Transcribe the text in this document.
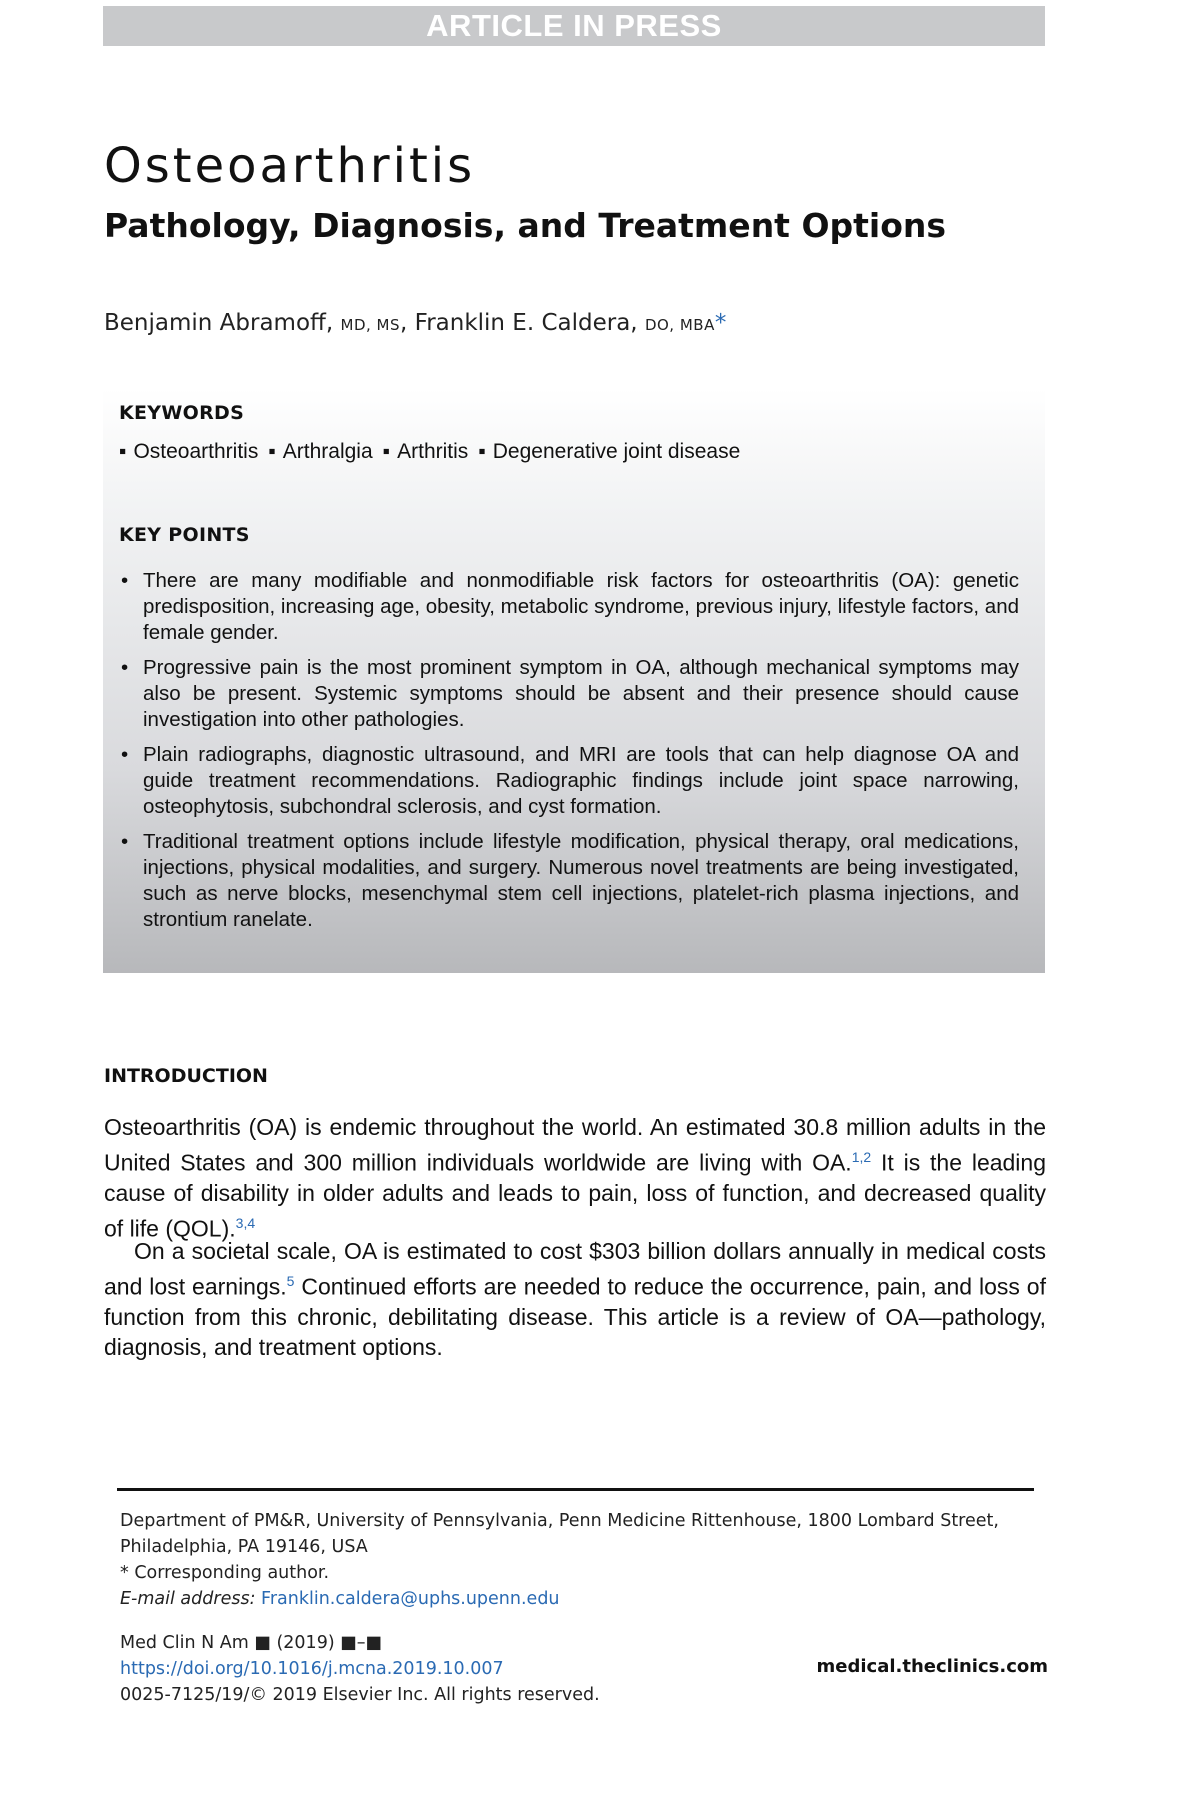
ARTICLE IN PRESS
Osteoarthritis
Pathology, Diagnosis, and Treatment Options
Benjamin Abramoff, MD, MS, Franklin E. Caldera, DO, MBA*
KEYWORDS
▪ Osteoarthritis	▪ Arthralgia	▪ Arthritis	▪ Degenerative joint disease
KEY POINTS
• There are many modifiable and nonmodifiable risk factors for osteoarthritis (OA): genetic predisposition, increasing age, obesity, metabolic syndrome, previous injury, lifestyle factors, and female gender.
• Progressive pain is the most prominent symptom in OA, although mechanical symptoms may also be present. Systemic symptoms should be absent and their presence should cause investigation into other pathologies.
• Plain radiographs, diagnostic ultrasound, and MRI are tools that can help diagnose OA and guide treatment recommendations. Radiographic findings include joint space narrowing, osteophytosis, subchondral sclerosis, and cyst formation.
• Traditional treatment options include lifestyle modification, physical therapy, oral medications, injections, physical modalities, and surgery. Numerous novel treatments are being investigated, such as nerve blocks, mesenchymal stem cell injections, platelet-rich plasma injections, and strontium ranelate.
INTRODUCTION

Osteoarthritis (OA) is endemic throughout the world. An estimated 30.8 million adults in the United States and 300 million individuals worldwide are living with OA.$^{1,2}$ It is the leading cause of disability in older adults and leads to pain, loss of function, and decreased quality of life (QOL).$^{3,4}$

On a societal scale, OA is estimated to cost $303 billion dollars annually in medical costs and lost earnings.$^5$ Continued efforts are needed to reduce the occurrence, pain, and loss of function from this chronic, debilitating disease. This article is a review of OA—pathology, diagnosis, and treatment options.

Department of PM&R, University of Pennsylvania, Penn Medicine Rittenhouse, 1800 Lombard Street, Philadelphia, PA 19146, USA
* Corresponding author.
E-mail address: Franklin.caldera@uphs.upenn.edu
Med Clin N Am ■ (2019) ■–■
https://doi.org/10.1016/j.mcna.2019.10.007
0025-7125/19/© 2019 Elsevier Inc. All rights reserved.
medical.theclinics.com
